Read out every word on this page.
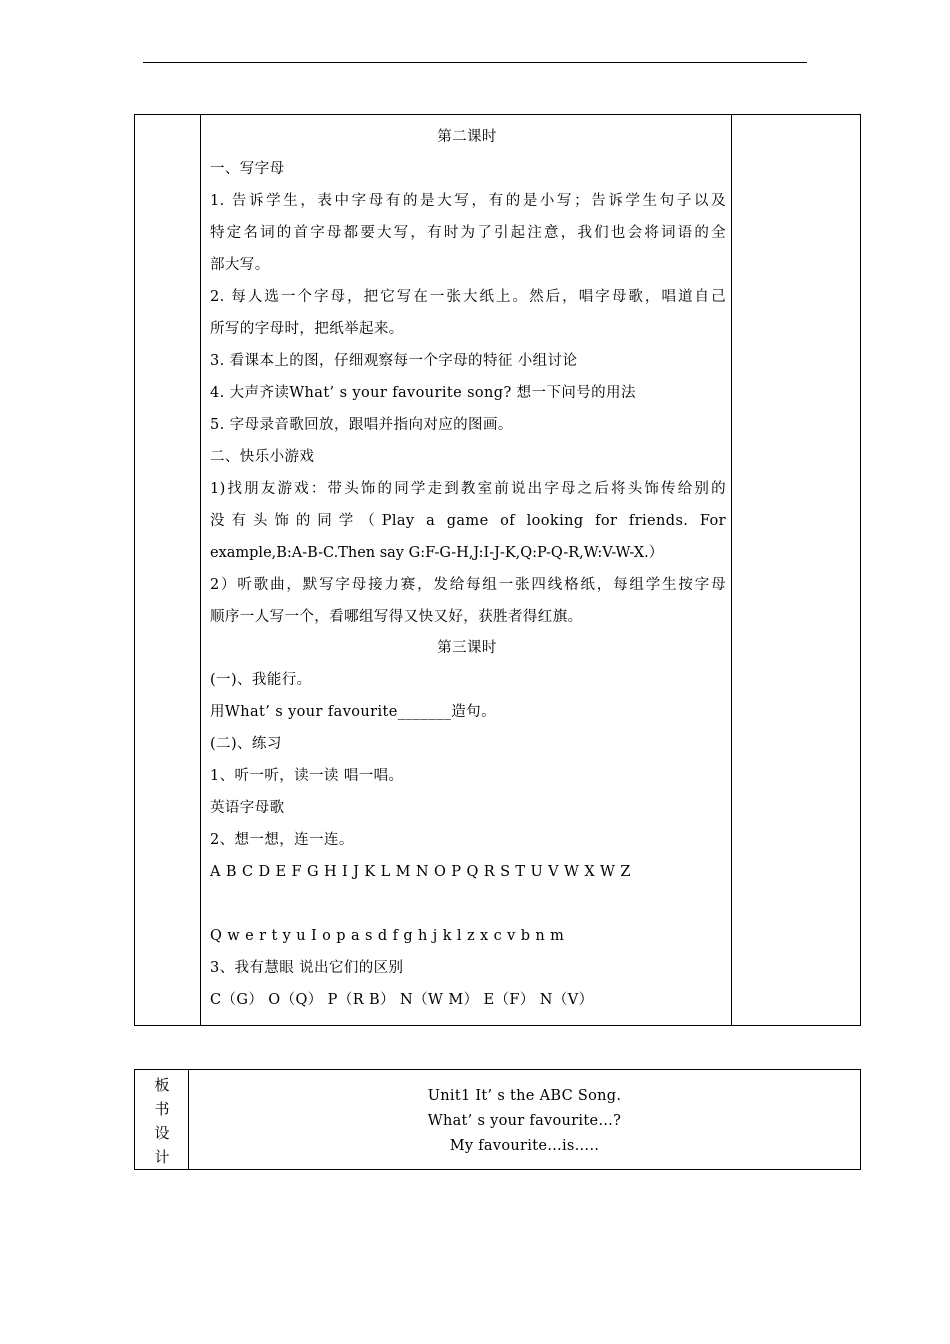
第二课时
一、写字母
1. 告诉学生，表中字母有的是大写，有的是小写；告诉学生句子以及
特定名词的首字母都要大写，有时为了引起注意，我们也会将词语的全
部大写。
2. 每人选一个字母，把它写在一张大纸上。然后，唱字母歌，唱道自己
所写的字母时，把纸举起来。
3. 看课本上的图，仔细观察每一个字母的特征 小组讨论
4. 大声齐读What’ s your favourite song? 想一下问号的用法
5. 字母录音歌回放，跟唱并指向对应的图画。
二、快乐小游戏
1)找朋友游戏：带头饰的同学走到教室前说出字母之后将头饰传给别的
没有头饰的同学（Play a game of looking for friends. For
example,B:A-B-C.Then say G:F-G-H,J:I-J-K,Q:P-Q-R,W:V-W-X.）
2）听歌曲，默写字母接力赛，发给每组一张四线格纸，每组学生按字母
顺序一人写一个，看哪组写得又快又好，获胜者得红旗。
第三课时
(一)、我能行。
用What’ s your favourite_______造句。
(二)、练习
1、听一听，读一读 唱一唱。
英语字母歌
2、想一想，连一连。
A B C D E F G H I J K L M N O P Q R S T U V W X W Z
Q w e r t y u I o p a s d f g h j k l z x c v b n m
3、我有慧眼 说出它们的区别
C（G） O（Q） P（R B） N（W M） E（F） N（V）
板
书
设
计
Unit1 It’ s the ABC Song.
What’ s your favourite…?
My favourite…is…..
